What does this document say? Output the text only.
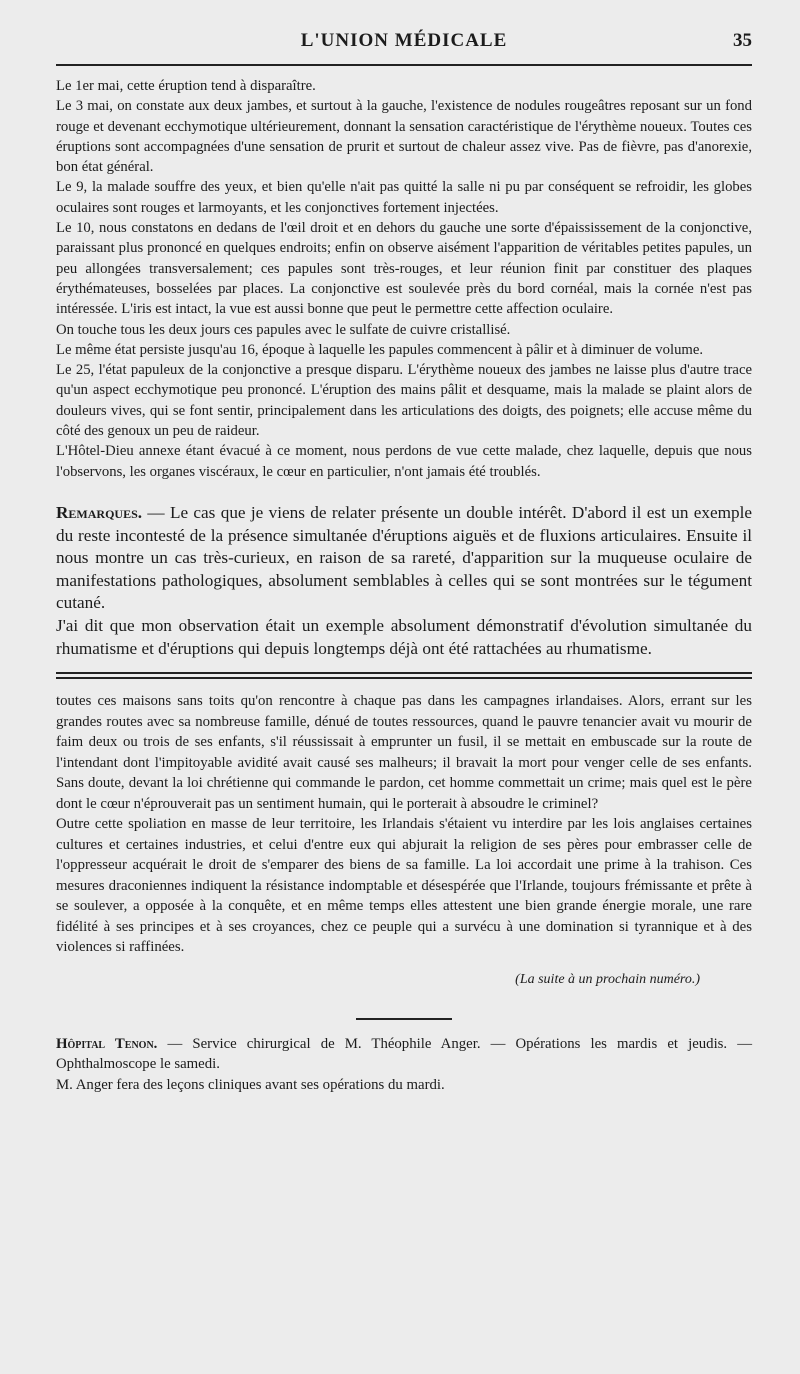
L'UNION MÉDICALE	35

Le 1er mai, cette éruption tend à disparaître.

Le 3 mai, on constate aux deux jambes, et surtout à la gauche, l'existence de nodules rougeâtres reposant sur un fond rouge et devenant ecchymotique ultérieurement, donnant la sensation caractéristique de l'érythème noueux. Toutes ces éruptions sont accompagnées d'une sensation de prurit et surtout de chaleur assez vive. Pas de fièvre, pas d'anorexie, bon état général.

Le 9, la malade souffre des yeux, et bien qu'elle n'ait pas quitté la salle ni pu par conséquent se refroidir, les globes oculaires sont rouges et larmoyants, et les conjonctives fortement injectées.

Le 10, nous constatons en dedans de l'œil droit et en dehors du gauche une sorte d'épaississement de la conjonctive, paraissant plus prononcé en quelques endroits; enfin on observe aisément l'apparition de véritables petites papules, un peu allongées transversalement; ces papules sont très-rouges, et leur réunion finit par constituer des plaques érythémateuses, bosselées par places. La conjonctive est soulevée près du bord cornéal, mais la cornée n'est pas intéressée. L'iris est intact, la vue est aussi bonne que peut le permettre cette affection oculaire.

On touche tous les deux jours ces papules avec le sulfate de cuivre cristallisé.

Le même état persiste jusqu'au 16, époque à laquelle les papules commencent à pâlir et à diminuer de volume.

Le 25, l'état papuleux de la conjonctive a presque disparu. L'érythème noueux des jambes ne laisse plus d'autre trace qu'un aspect ecchymotique peu prononcé. L'éruption des mains pâlit et desquame, mais la malade se plaint alors de douleurs vives, qui se font sentir, principalement dans les articulations des doigts, des poignets; elle accuse même du côté des genoux un peu de raideur.

L'Hôtel-Dieu annexe étant évacué à ce moment, nous perdons de vue cette malade, chez laquelle, depuis que nous l'observons, les organes viscéraux, le cœur en particulier, n'ont jamais été troublés.

Remarques. — Le cas que je viens de relater présente un double intérêt. D'abord il est un exemple du reste incontesté de la présence simultanée d'éruptions aiguës et de fluxions articulaires. Ensuite il nous montre un cas très-curieux, en raison de sa rareté, d'apparition sur la muqueuse oculaire de manifestations pathologiques, absolument semblables à celles qui se sont montrées sur le tégument cutané.

J'ai dit que mon observation était un exemple absolument démonstratif d'évolution simultanée du rhumatisme et d'éruptions qui depuis longtemps déjà ont été rattachées au rhumatisme.

toutes ces maisons sans toits qu'on rencontre à chaque pas dans les campagnes irlandaises. Alors, errant sur les grandes routes avec sa nombreuse famille, dénué de toutes ressources, quand le pauvre tenancier avait vu mourir de faim deux ou trois de ses enfants, s'il réussissait à emprunter un fusil, il se mettait en embuscade sur la route de l'intendant dont l'impitoyable avidité avait causé ses malheurs; il bravait la mort pour venger celle de ses enfants. Sans doute, devant la loi chrétienne qui commande le pardon, cet homme commettait un crime; mais quel est le père dont le cœur n'éprouverait pas un sentiment humain, qui le porterait à absoudre le criminel?

Outre cette spoliation en masse de leur territoire, les Irlandais s'étaient vu interdire par les lois anglaises certaines cultures et certaines industries, et celui d'entre eux qui abjurait la religion de ses pères pour embrasser celle de l'oppresseur acquérait le droit de s'emparer des biens de sa famille. La loi accordait une prime à la trahison. Ces mesures draconiennes indiquent la résistance indomptable et désespérée que l'Irlande, toujours frémissante et prête à se soulever, a opposée à la conquête, et en même temps elles attestent une bien grande énergie morale, une rare fidélité à ses principes et à ses croyances, chez ce peuple qui a survécu à une domination si tyrannique et à des violences si raffinées.

(La suite à un prochain numéro.)

Hôpital Tenon. — Service chirurgical de M. Théophile Anger. — Opérations les mardis et jeudis. — Ophthalmoscope le samedi.

M. Anger fera des leçons cliniques avant ses opérations du mardi.
